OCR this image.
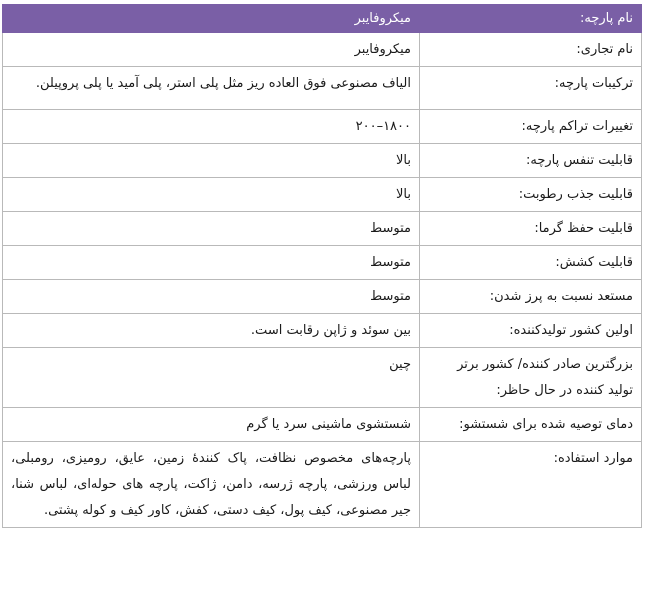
نام پارچه:	میکروفایبر
نام تجاری:	میکروفایبر
ترکیبات پارچه:	الیاف مصنوعی فوق العاده ریز مثل پلی استر، پلی آمید یا پلی پروپیلن.
تغییرات تراکم پارچه:	۱۸۰۰–۲۰۰
قابلیت تنفس پارچه:	بالا
قابلیت جذب رطوبت:	بالا
قابلیت حفظ گرما:	متوسط
قابلیت کشش:	متوسط
مستعد نسبت به پرز شدن:	متوسط
اولین کشور تولیدکننده:	بین سوئد و ژاپن رقابت است.
بزرگترین صادر کننده/ کشور برتر تولید کننده در حال حاظر:	چین
دمای توصیه شده برای شستشو:	شستشوی ماشینی سرد یا گرم
موارد استفاده:	پارچه‌های مخصوص نظافت، پاک کنندهٔ زمین، عایق، رومیزی، رومبلی، لباس ورزشی، پارچه ژرسه، دامن، ژاکت، پارچه های حوله‌ای، لباس شنا، جیر مصنوعی، کیف پول، کیف دستی، کفش، کاور کیف و کوله پشتی.
